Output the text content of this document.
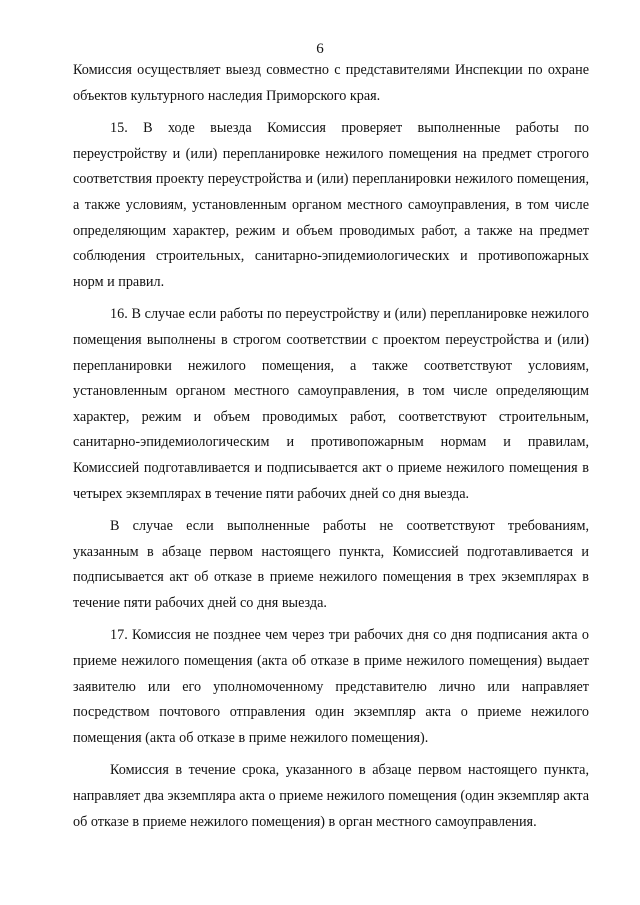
6

Комиссия осуществляет выезд совместно с представителями Инспекции по охране объектов культурного наследия Приморского края.

15. В ходе выезда Комиссия проверяет выполненные работы по переустройству и (или) перепланировке нежилого помещения на предмет строгого соответствия проекту переустройства и (или) перепланировки нежилого помещения, а также условиям, установленным органом местного самоуправления, в том числе определяющим характер, режим и объем проводимых работ, а также на предмет соблюдения строительных, санитарно-эпидемиологических и противопожарных норм и правил.

16. В случае если работы по переустройству и (или) перепланировке нежилого помещения выполнены в строгом соответствии с проектом переустройства и (или) перепланировки нежилого помещения, а также соответствуют условиям, установленным органом местного самоуправления, в том числе определяющим характер, режим и объем проводимых работ, соответствуют строительным, санитарно-эпидемиологическим и противопожарным нормам и правилам, Комиссией подготавливается и подписывается акт о приеме нежилого помещения в четырех экземплярах в течение пяти рабочих дней со дня выезда.

В случае если выполненные работы не соответствуют требованиям, указанным в абзаце первом настоящего пункта, Комиссией подготавливается и подписывается акт об отказе в приеме нежилого помещения в трех экземплярах в течение пяти рабочих дней со дня выезда.

17. Комиссия не позднее чем через три рабочих дня со дня подписания акта о приеме нежилого помещения (акта об отказе в приме нежилого помещения) выдает заявителю или его уполномоченному представителю лично или направляет посредством почтового отправления один экземпляр акта о приеме нежилого помещения (акта об отказе в приме нежилого помещения).

Комиссия в течение срока, указанного в абзаце первом настоящего пункта, направляет два экземпляра акта о приеме нежилого помещения (один экземпляр акта об отказе в приеме нежилого помещения) в орган местного самоуправления.
